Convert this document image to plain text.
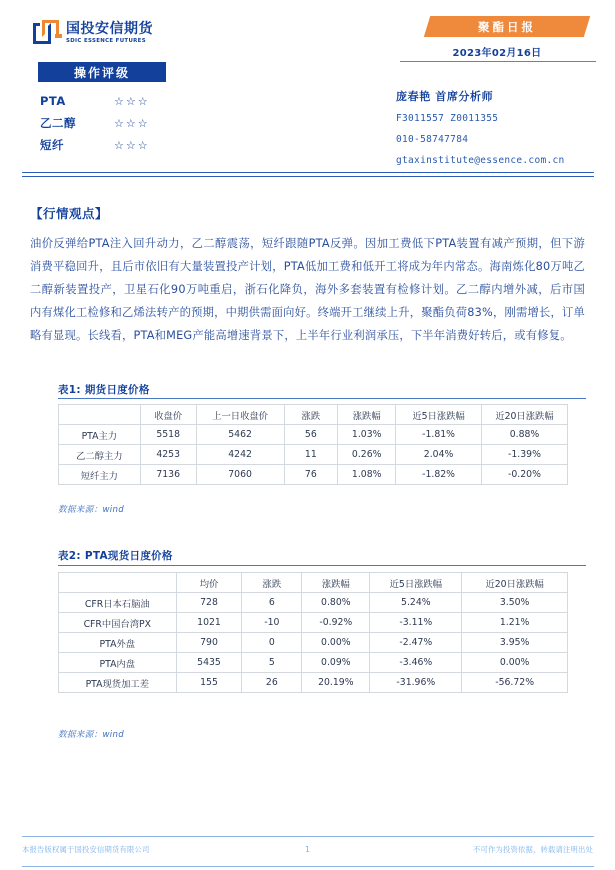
国投安信期货
SDIC ESSENCE FUTURES
操作评级
PTA	☆☆☆
乙二醇	☆☆☆
短纤	☆☆☆
聚酯日报
2023年02月16日
庞春艳 首席分析师
F3011557 Z0011355
010-58747784
gtaxinstitute@essence.com.cn
【行情观点】
油价反弹给PTA注入回升动力，乙二醇震荡，短纤跟随PTA反弹。因加工费低下PTA装置有减产预期，但下游消费平稳回升，且后市依旧有大量装置投产计划，PTA低加工费和低开工将成为年内常态。海南炼化80万吨乙二醇新装置投产，卫星石化90万吨重启，浙石化降负，海外多套装置有检修计划。乙二醇内增外减，后市国内有煤化工检修和乙烯法转产的预期，中期供需面向好。终端开工继续上升，聚酯负荷83%，刚需增长，订单略有显现。长线看，PTA和MEG产能高增速背景下，上半年行业利润承压，下半年消费好转后，或有修复。
表1: 期货日度价格
	收盘价	上一日收盘价	涨跌	涨跌幅	近5日涨跌幅	近20日涨跌幅
PTA主力	5518	5462	56	1.03%	-1.81%	0.88%
乙二醇主力	4253	4242	11	0.26%	2.04%	-1.39%
短纤主力	7136	7060	76	1.08%	-1.82%	-0.20%
数据来源：wind
表2: PTA现货日度价格
	均价	涨跌	涨跌幅	近5日涨跌幅	近20日涨跌幅
CFR日本石脑油	728	6	0.80%	5.24%	3.50%
CFR中国台湾PX	1021	-10	-0.92%	-3.11%	1.21%
PTA外盘	790	0	0.00%	-2.47%	3.95%
PTA内盘	5435	5	0.09%	-3.46%	0.00%
PTA现货加工差	155	26	20.19%	-31.96%	-56.72%
数据来源：wind
本报告版权属于国投安信期货有限公司	1	不可作为投资依据，转载请注明出处
